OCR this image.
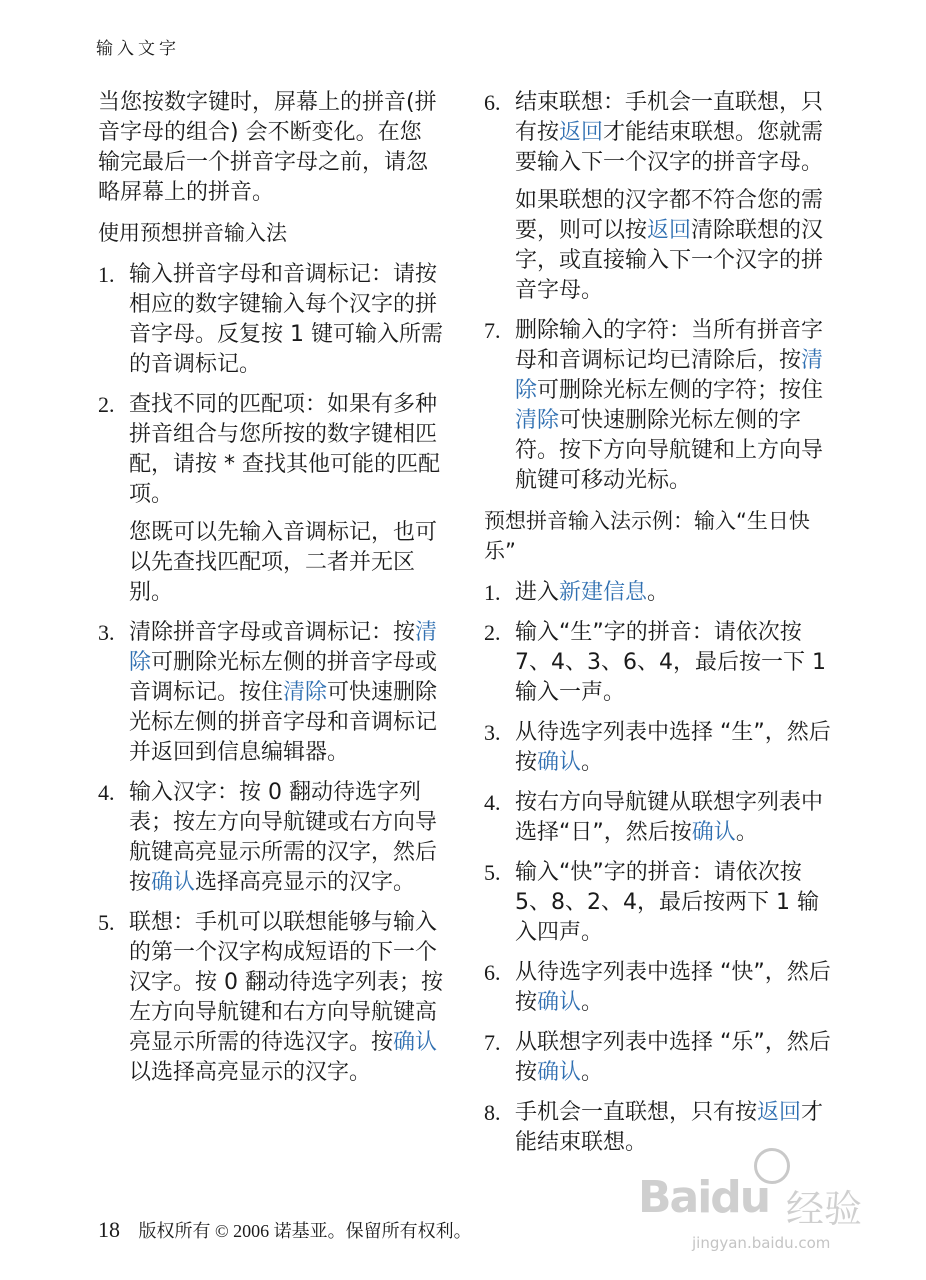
输入文字

当您按数字键时，屏幕上的拼音(拼音字母的组合) 会不断变化。在您输完最后一个拼音字母之前，请忽略屏幕上的拼音。

使用预想拼音输入法
1. 输入拼音字母和音调标记：请按相应的数字键输入每个汉字的拼音字母。反复按 1 键可输入所需的音调标记。
2. 查找不同的匹配项：如果有多种拼音组合与您所按的数字键相匹配，请按 * 查找其他可能的匹配项。
您既可以先输入音调标记，也可以先查找匹配项，二者并无区别。
3. 清除拼音字母或音调标记：按清除可删除光标左侧的拼音字母或音调标记。按住清除可快速删除光标左侧的拼音字母和音调标记并返回到信息编辑器。
4. 输入汉字：按 0 翻动待选字列表；按左方向导航键或右方向导航键高亮显示所需的汉字，然后按确认选择高亮显示的汉字。
5. 联想：手机可以联想能够与输入的第一个汉字构成短语的下一个汉字。按 0 翻动待选字列表；按左方向导航键和右方向导航键高亮显示所需的待选汉字。按确认以选择高亮显示的汉字。
6. 结束联想：手机会一直联想，只有按返回才能结束联想。您就需要输入下一个汉字的拼音字母。
如果联想的汉字都不符合您的需要，则可以按返回清除联想的汉字，或直接输入下一个汉字的拼音字母。
7. 删除输入的字符：当所有拼音字母和音调标记均已清除后，按清除可删除光标左侧的字符；按住清除可快速删除光标左侧的字符。按下方向导航键和上方向导航键可移动光标。
预想拼音输入法示例：输入“生日快乐”
1. 进入新建信息。
2. 输入“生”字的拼音：请依次按 7、4、3、6、4，最后按一下 1 输入一声。
3. 从待选字列表中选择 “生”，然后按确认。
4. 按右方向导航键从联想字列表中选择“日”，然后按确认。
5. 输入“快”字的拼音：请依次按 5、8、2、4，最后按两下 1 输入四声。
6. 从待选字列表中选择 “快”，然后按确认。
7. 从联想字列表中选择 “乐”，然后按确认。
8. 手机会一直联想，只有按返回才能结束联想。
18 版权所有 © 2006 诺基亚。保留所有权利。
Baidu 经验
jingyan.baidu.com
